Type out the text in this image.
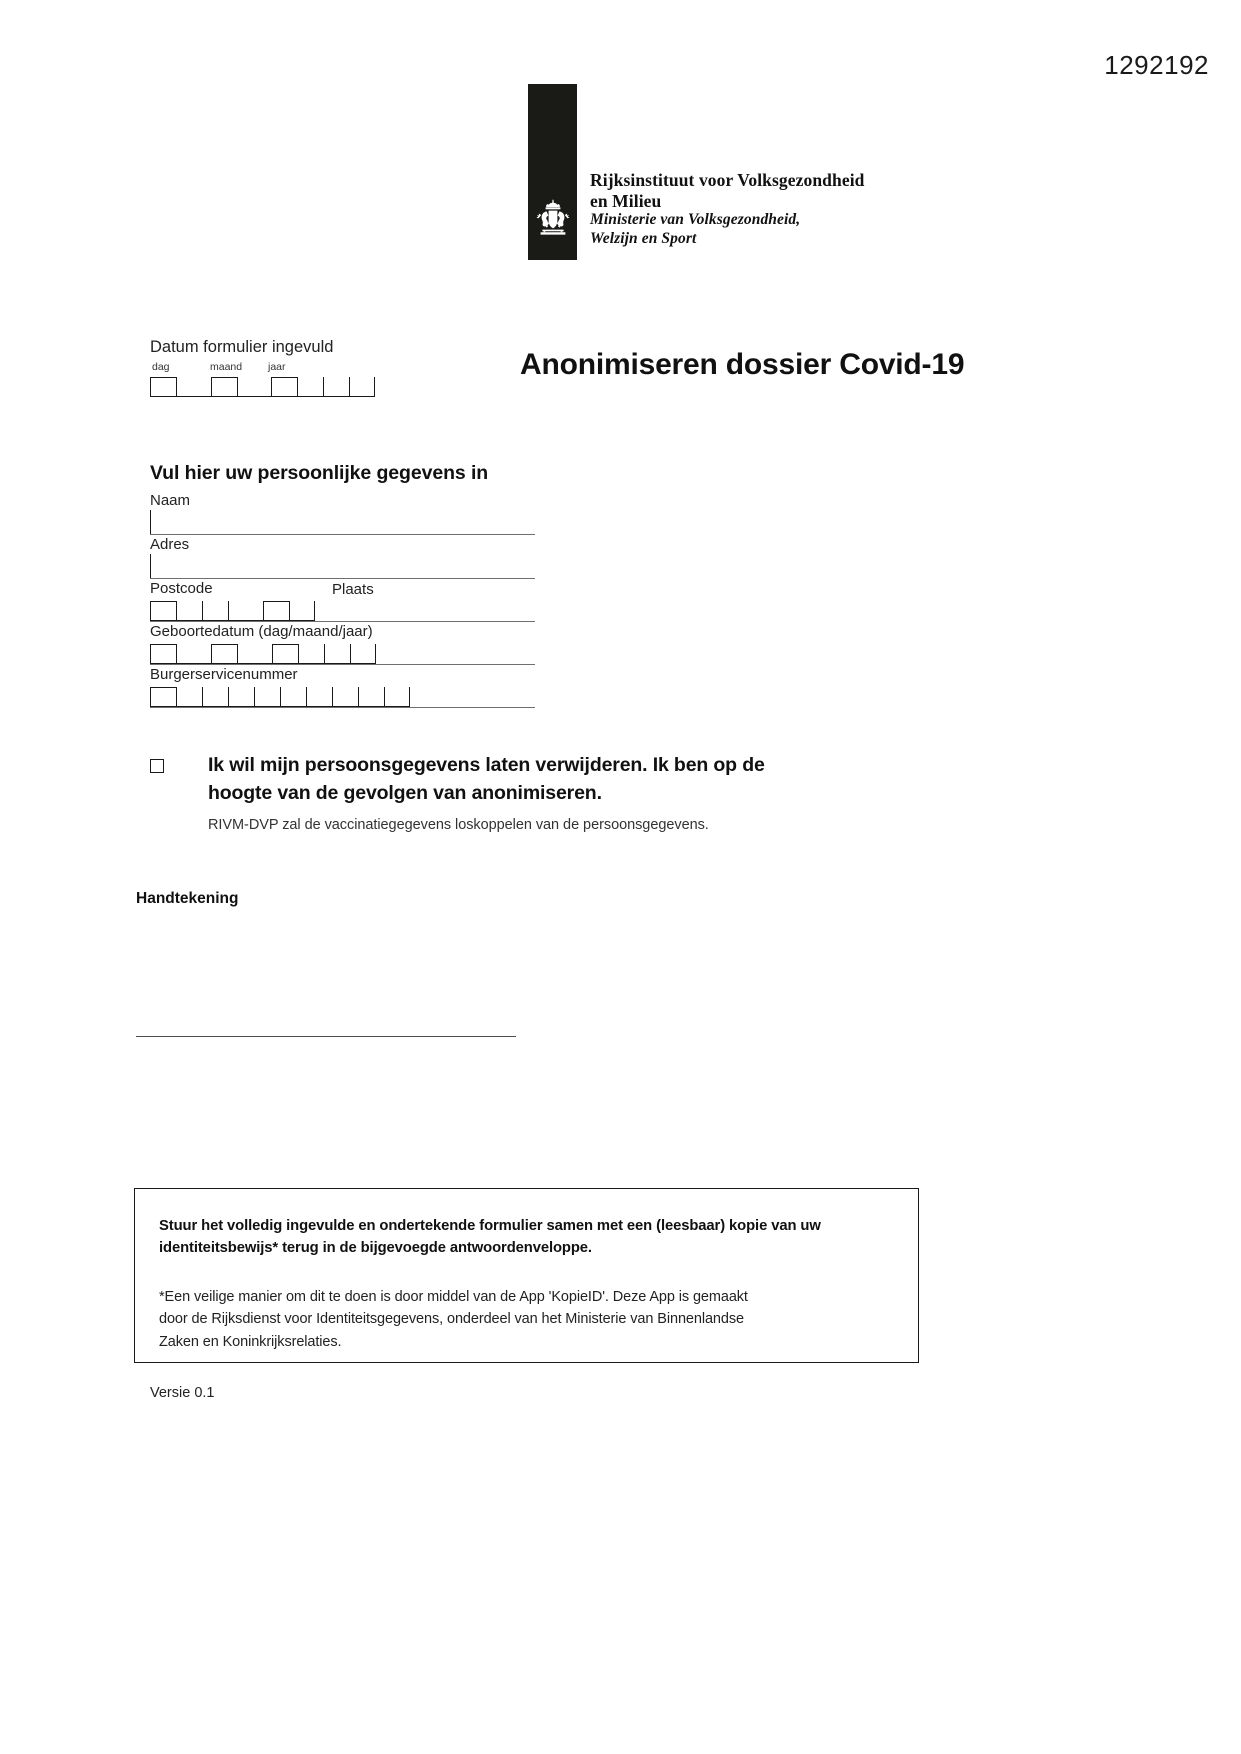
1292192
Rijksinstituut voor Volksgezondheid
en Milieu
Ministerie van Volksgezondheid,
Welzijn en Sport
Anonimiseren dossier Covid-19
Datum formulier ingevuld
dag	maand jaar
Vul hier uw persoonlijke gegevens in
Naam
Adres
Postcode	Plaats
Geboortedatum (dag/maand/jaar)
Burgerservicenummer
Ik wil mijn persoonsgegevens laten verwijderen. Ik ben op de
hoogte van de gevolgen van anonimiseren.
RIVM-DVP zal de vaccinatiegegevens loskoppelen van de persoonsgegevens.
Handtekening
Stuur het volledig ingevulde en ondertekende formulier samen met een (leesbaar) kopie van uw
identiteitsbewijs* terug in de bijgevoegde antwoordenveloppe.
*Een veilige manier om dit te doen is door middel van de App 'KopieID'. Deze App is gemaakt
door de Rijksdienst voor Identiteitsgegevens, onderdeel van het Ministerie van Binnenlandse
Zaken en Koninkrijksrelaties.
Versie 0.1
